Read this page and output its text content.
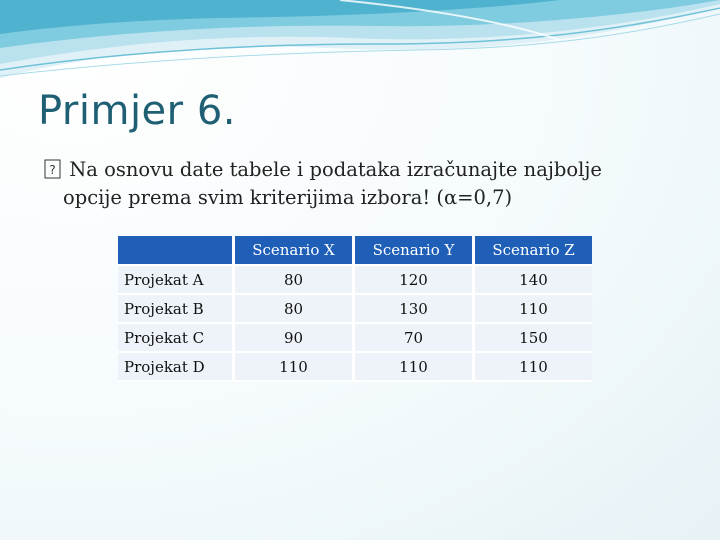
Primjer 6.
? Na osnovu date tabele i podataka izračunajte najbolje
opcije prema svim kriterijima izbora! (α=0,7)
	Scenario X	Scenario Y	Scenario Z
Projekat A	80	120	140
Projekat B	80	130	110
Projekat C	90	70	150
Projekat D	110	110	110
